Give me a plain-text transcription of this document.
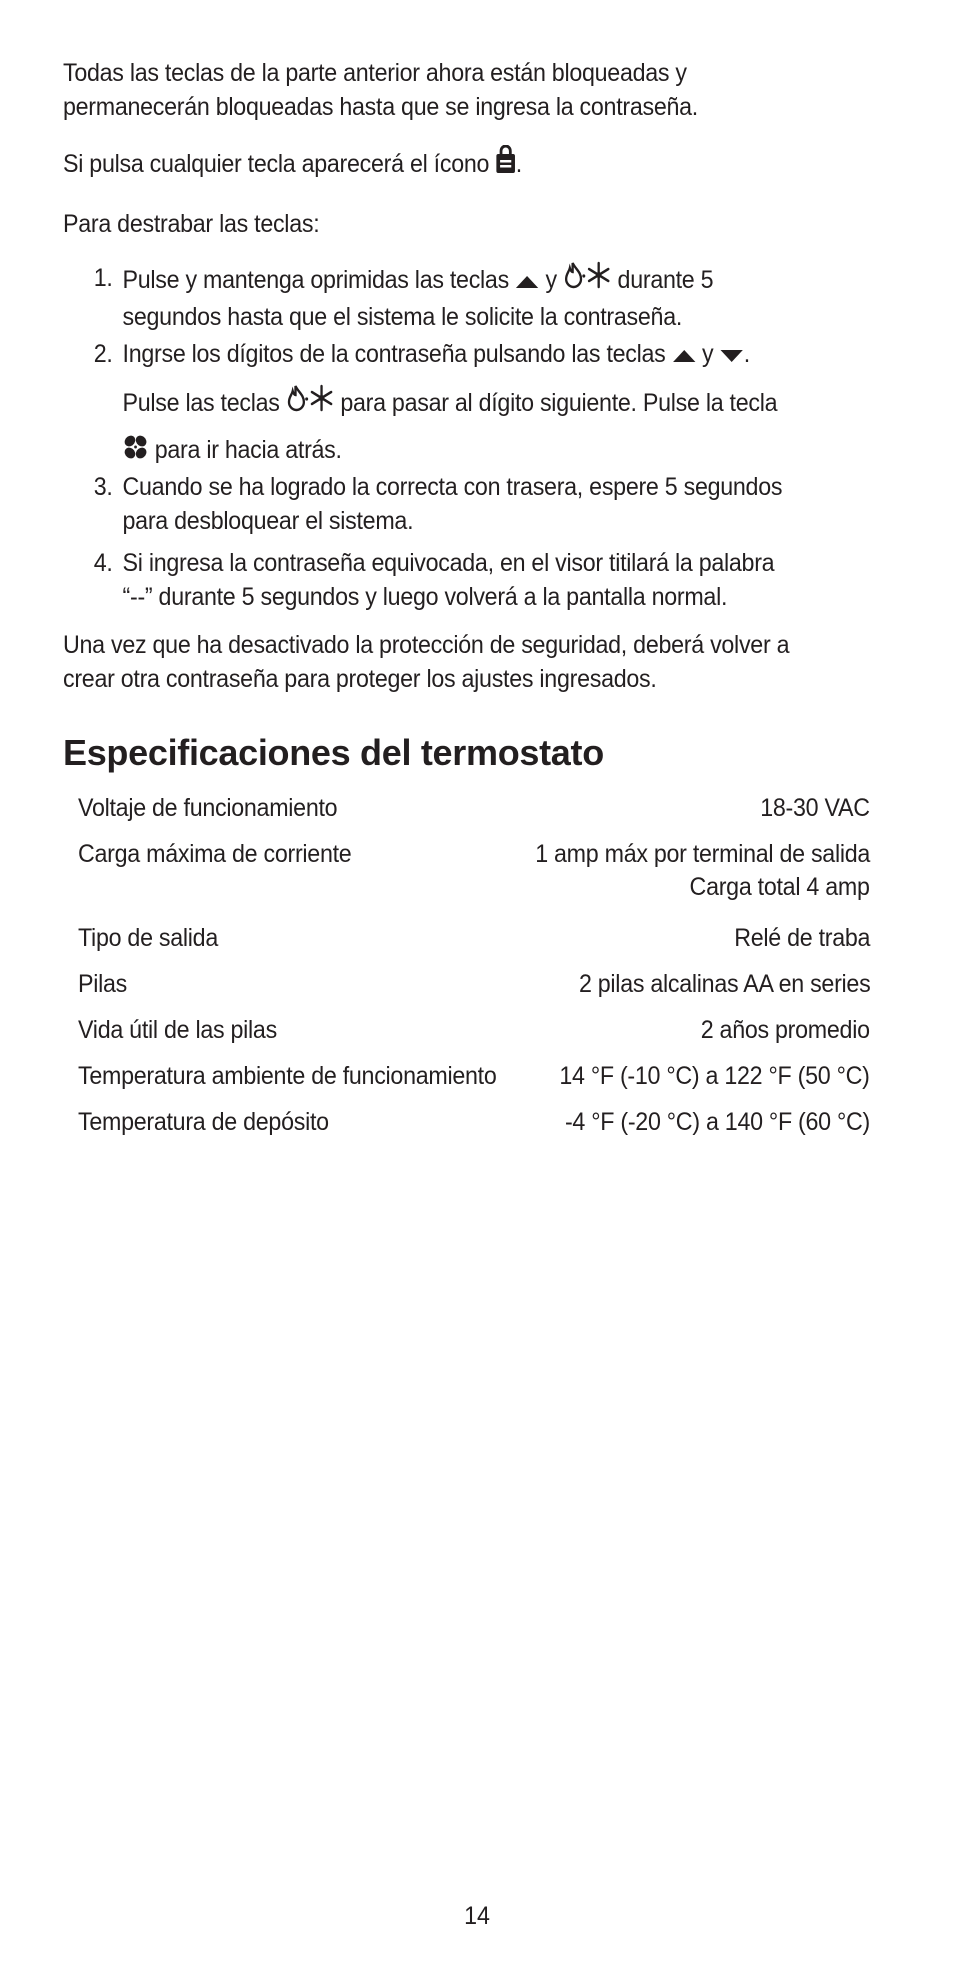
Todas las teclas de la parte anterior ahora están bloqueadas y
permanecerán bloqueadas hasta que se ingresa la contraseña.
Si pulsa cualquier tecla aparecerá el ícono .
Para destrabar las teclas:
1. Pulse y mantenga oprimidas las teclas  y  durante 5
segundos hasta que el sistema le solicite la contraseña.
2. Ingrse los dígitos de la contraseña pulsando las teclas  y .
Pulse las teclas  para pasar al dígito siguiente. Pulse la tecla
para ir hacia atrás.
3. Cuando se ha logrado la correcta con trasera, espere 5 segundos
para desbloquear el sistema.
4. Si ingresa la contraseña equivocada, en el visor titilará la palabra
“--” durante 5 segundos y luego volverá a la pantalla normal.
Una vez que ha desactivado la protección de seguridad, deberá volver a
crear otra contraseña para proteger los ajustes ingresados.
Especificaciones del termostato
Voltaje de funcionamiento	18-30 VAC
Carga máxima de corriente	1 amp máx por terminal de salida
Carga total 4 amp
Tipo de salida	Relé de traba
Pilas	2 pilas alcalinas AA en series
Vida útil de las pilas	2 años promedio
Temperatura ambiente de funcionamiento	14 °F (-10 °C) a 122 °F (50 °C)
Temperatura de depósito	-4 °F (-20 °C) a 140 °F (60 °C)
14
